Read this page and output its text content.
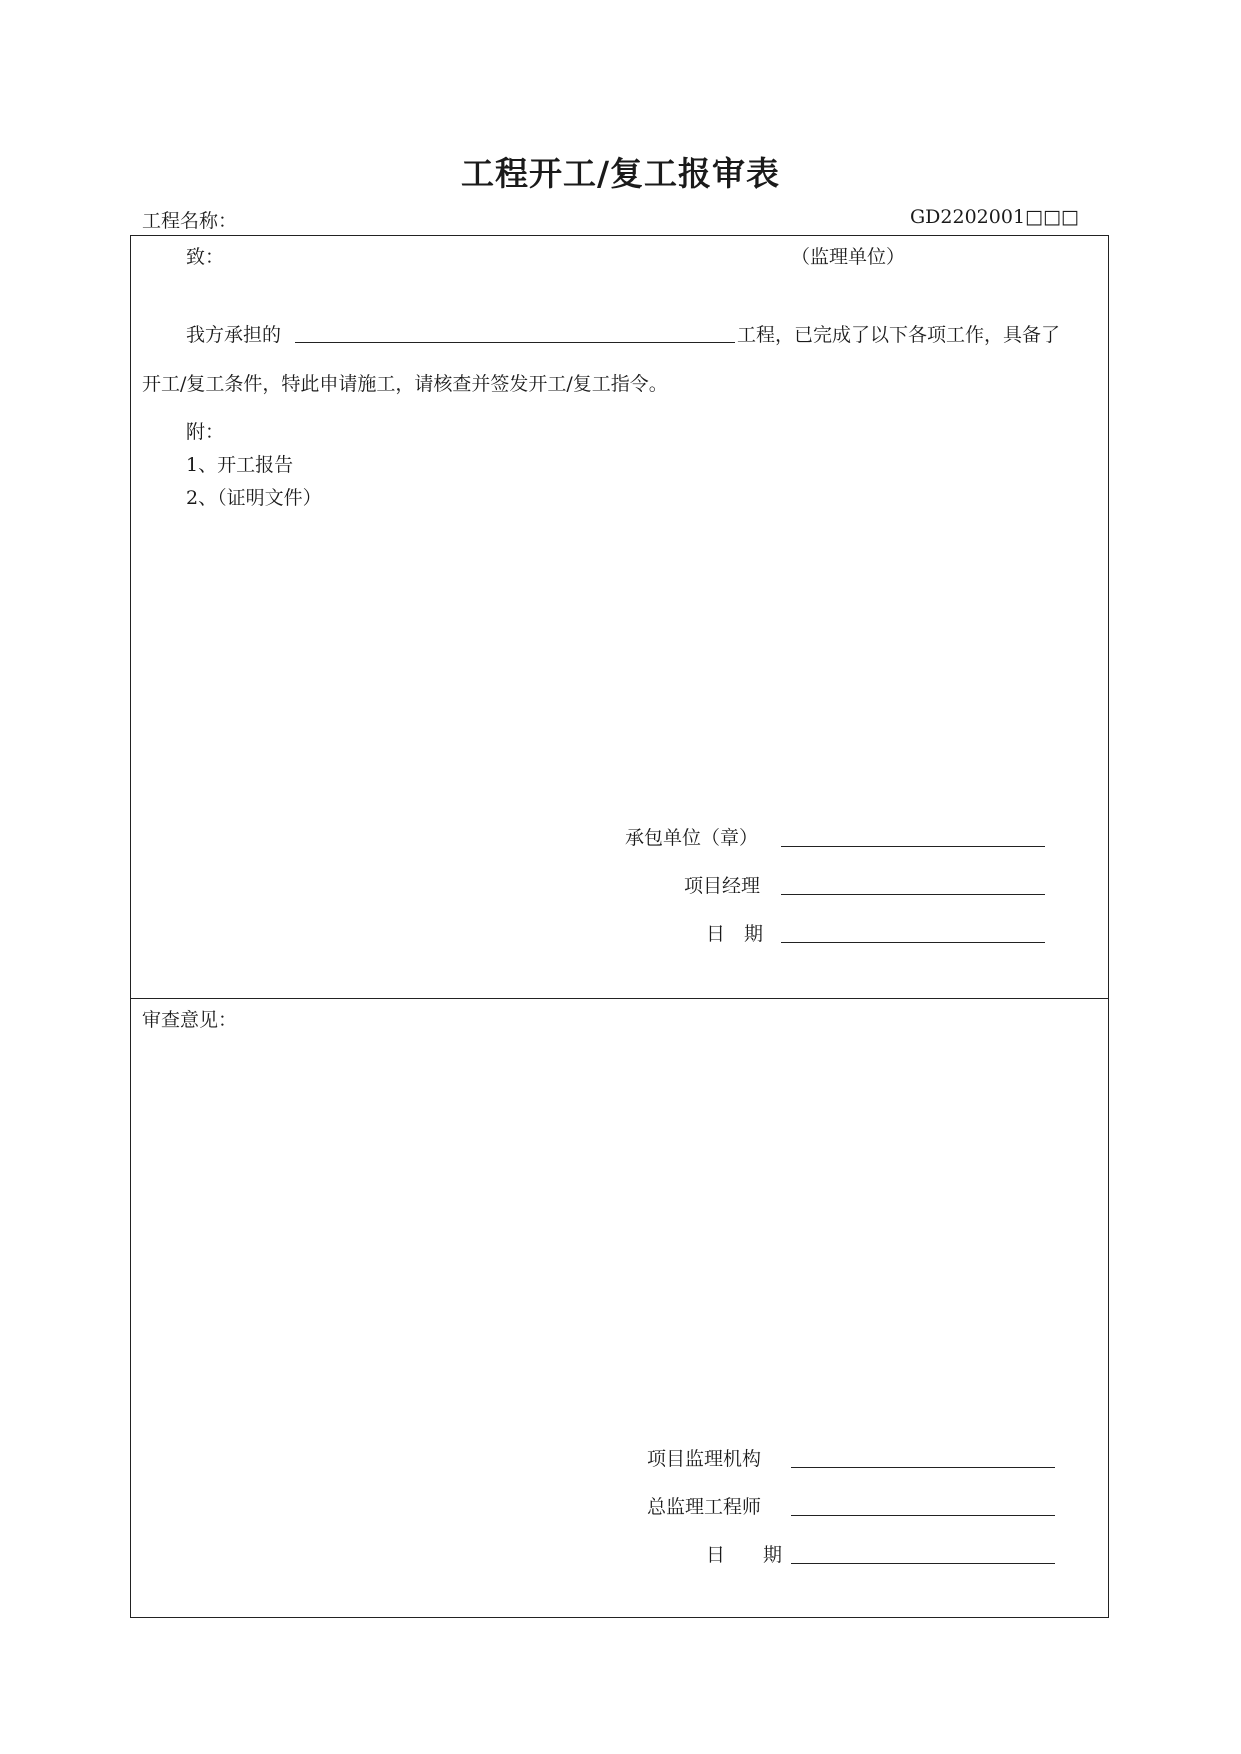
工程开工/复工报审表
工程名称：	GD2202001□□□
致：	（监理单位）
我方承担的	工程，已完成了以下各项工作，具备了
开工/复工条件，特此申请施工，请核查并签发开工/复工指令。
附：
1、开工报告
2、（证明文件）
承包单位（章）
项目经理
日　期
审查意见：
项目监理机构
总监理工程师
日　　期
